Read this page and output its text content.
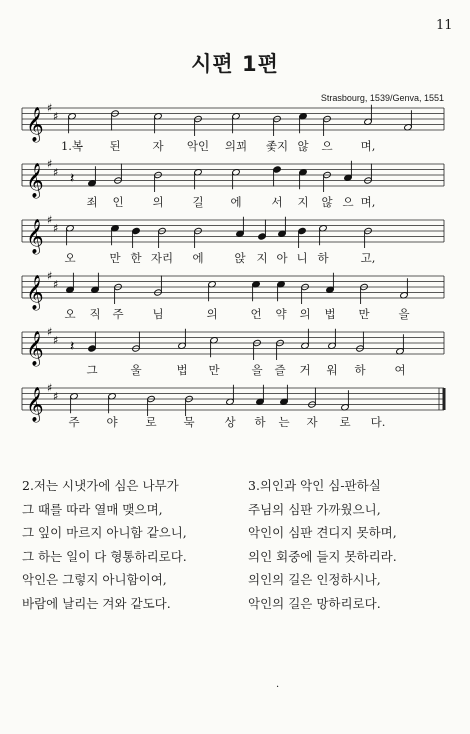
11
시편 1편
Strasbourg, 1539/Genva, 1551
𝄞 ♯
♯
1.복 된	자 악인 의꾀 좇지 않 으 며,
𝄞 ♯
♯ 𝄽
죄 인	의	길 에	서 지 않 으 며,
𝄞 ♯
♯
오	만 한 자리 에	앉 지 아 니 하	고,
𝄞 ♯
♯
오 직 주	님	의	언 약 의 법 만	을
𝄞 ♯
♯ 𝄽
그	울	법 만	을 즐 거 워 하	여
𝄞 ♯
♯
주 야 로 묵	상 하 는 자 로 다.
2.저는 시냇가에 심은 나무가
그 때를 따라 열매 맺으며,
그 잎이 마르지 아니함 같으니,
그 하는 일이 다 형통하리로다.
악인은 그렇지 아니함이여,
바람에 날리는 겨와 같도다.
3.의인과 악인 심-판하실
주님의 심판 가까웠으니,
악인이 심판 견디지 못하며,
의인 회중에 들지 못하리라.
의인의 길은 인정하시나,
악인의 길은 망하리로다.
·
